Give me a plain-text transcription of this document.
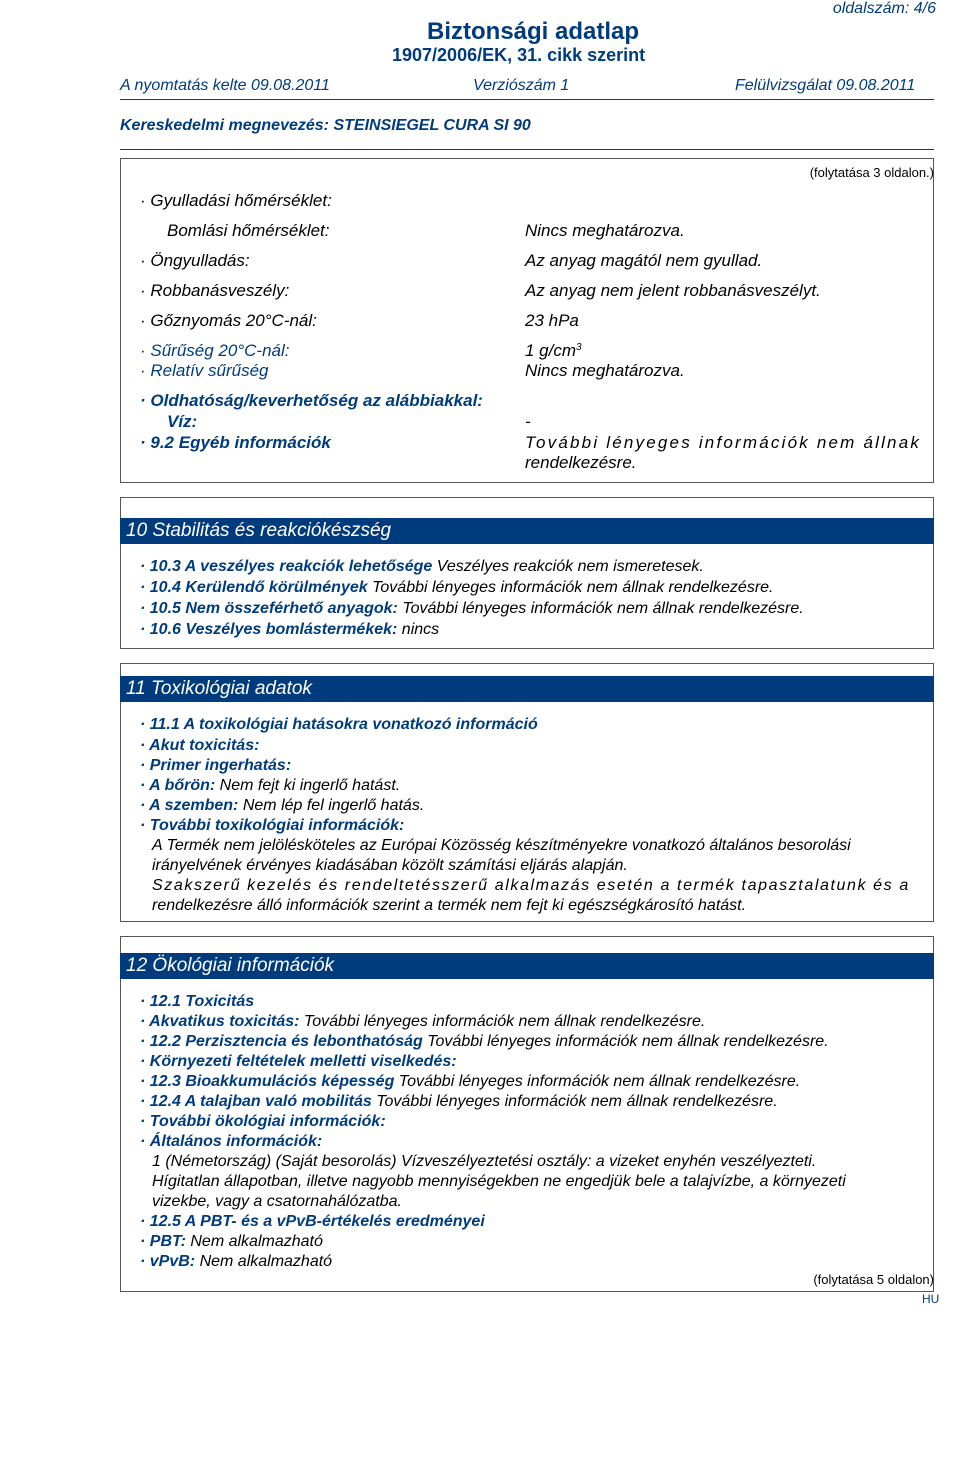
oldalszám: 4/6
Biztonsági adatlap
1907/2006/EK, 31. cikk szerint
A nyomtatás kelte 09.08.2011	Verziószám 1	Felülvizsgálat 09.08.2011
Kereskedelmi megnevezés: STEINSIEGEL CURA SI 90
(folytatása 3 oldalon.)
· Gyulladási hőmérséklet:
Bomlási hőmérséklet:	Nincs meghatározva.
· Öngyulladás:	Az anyag magától nem gyullad.
· Robbanásveszély:	Az anyag nem jelent robbanásveszélyt.
· Gőznyomás 20°C-nál:	23 hPa
· Sűrűség 20°C-nál:	1 $g/cm^3$
· Relatív sűrűség	Nincs meghatározva.
· Oldhatóság/keverhetőség az alábbiakkal:
Víz:	-
· 9.2 Egyéb információk	További lényeges információk nem állnak
rendelkezésre.
10 Stabilitás és reakciókészség
· 10.3 A veszélyes reakciók lehetősége Veszélyes reakciók nem ismeretesek.
· 10.4 Kerülendő körülmények További lényeges információk nem állnak rendelkezésre.
· 10.5 Nem összeférhető anyagok: További lényeges információk nem állnak rendelkezésre.
· 10.6 Veszélyes bomlástermékek: nincs
11 Toxikológiai adatok
· 11.1 A toxikológiai hatásokra vonatkozó információ
· Akut toxicitás:
· Primer ingerhatás:
· A bőrön: Nem fejt ki ingerlő hatást.
· A szemben: Nem lép fel ingerlő hatás.
· További toxikológiai információk:
A Termék nem jelölésköteles az Európai Közösség készítményekre vonatkozó általános besorolási
irányelvének érvényes kiadásában közölt számítási eljárás alapján.
Szakszerű kezelés és rendeltetésszerű alkalmazás esetén a termék tapasztalatunk és a
rendelkezésre álló információk szerint a termék nem fejt ki egészségkárosító hatást.
12 Ökológiai információk
· 12.1 Toxicitás
· Akvatikus toxicitás: További lényeges információk nem állnak rendelkezésre.
· 12.2 Perzisztencia és lebonthatóság További lényeges információk nem állnak rendelkezésre.
· Környezeti feltételek melletti viselkedés:
· 12.3 Bioakkumulációs képesség További lényeges információk nem állnak rendelkezésre.
· 12.4 A talajban való mobilitás További lényeges információk nem állnak rendelkezésre.
· További ökológiai információk:
· Általános információk:
1 (Németország) (Saját besorolás) Vízveszélyeztetési osztály: a vizeket enyhén veszélyezteti.
Hígitatlan állapotban, illetve nagyobb mennyiségekben ne engedjük bele a talajvízbe, a környezeti
vizekbe, vagy a csatornahálózatba.
· 12.5 A PBT- és a vPvB-értékelés eredményei
· PBT: Nem alkalmazható
· vPvB: Nem alkalmazható
(folytatása 5 oldalon)
HU
